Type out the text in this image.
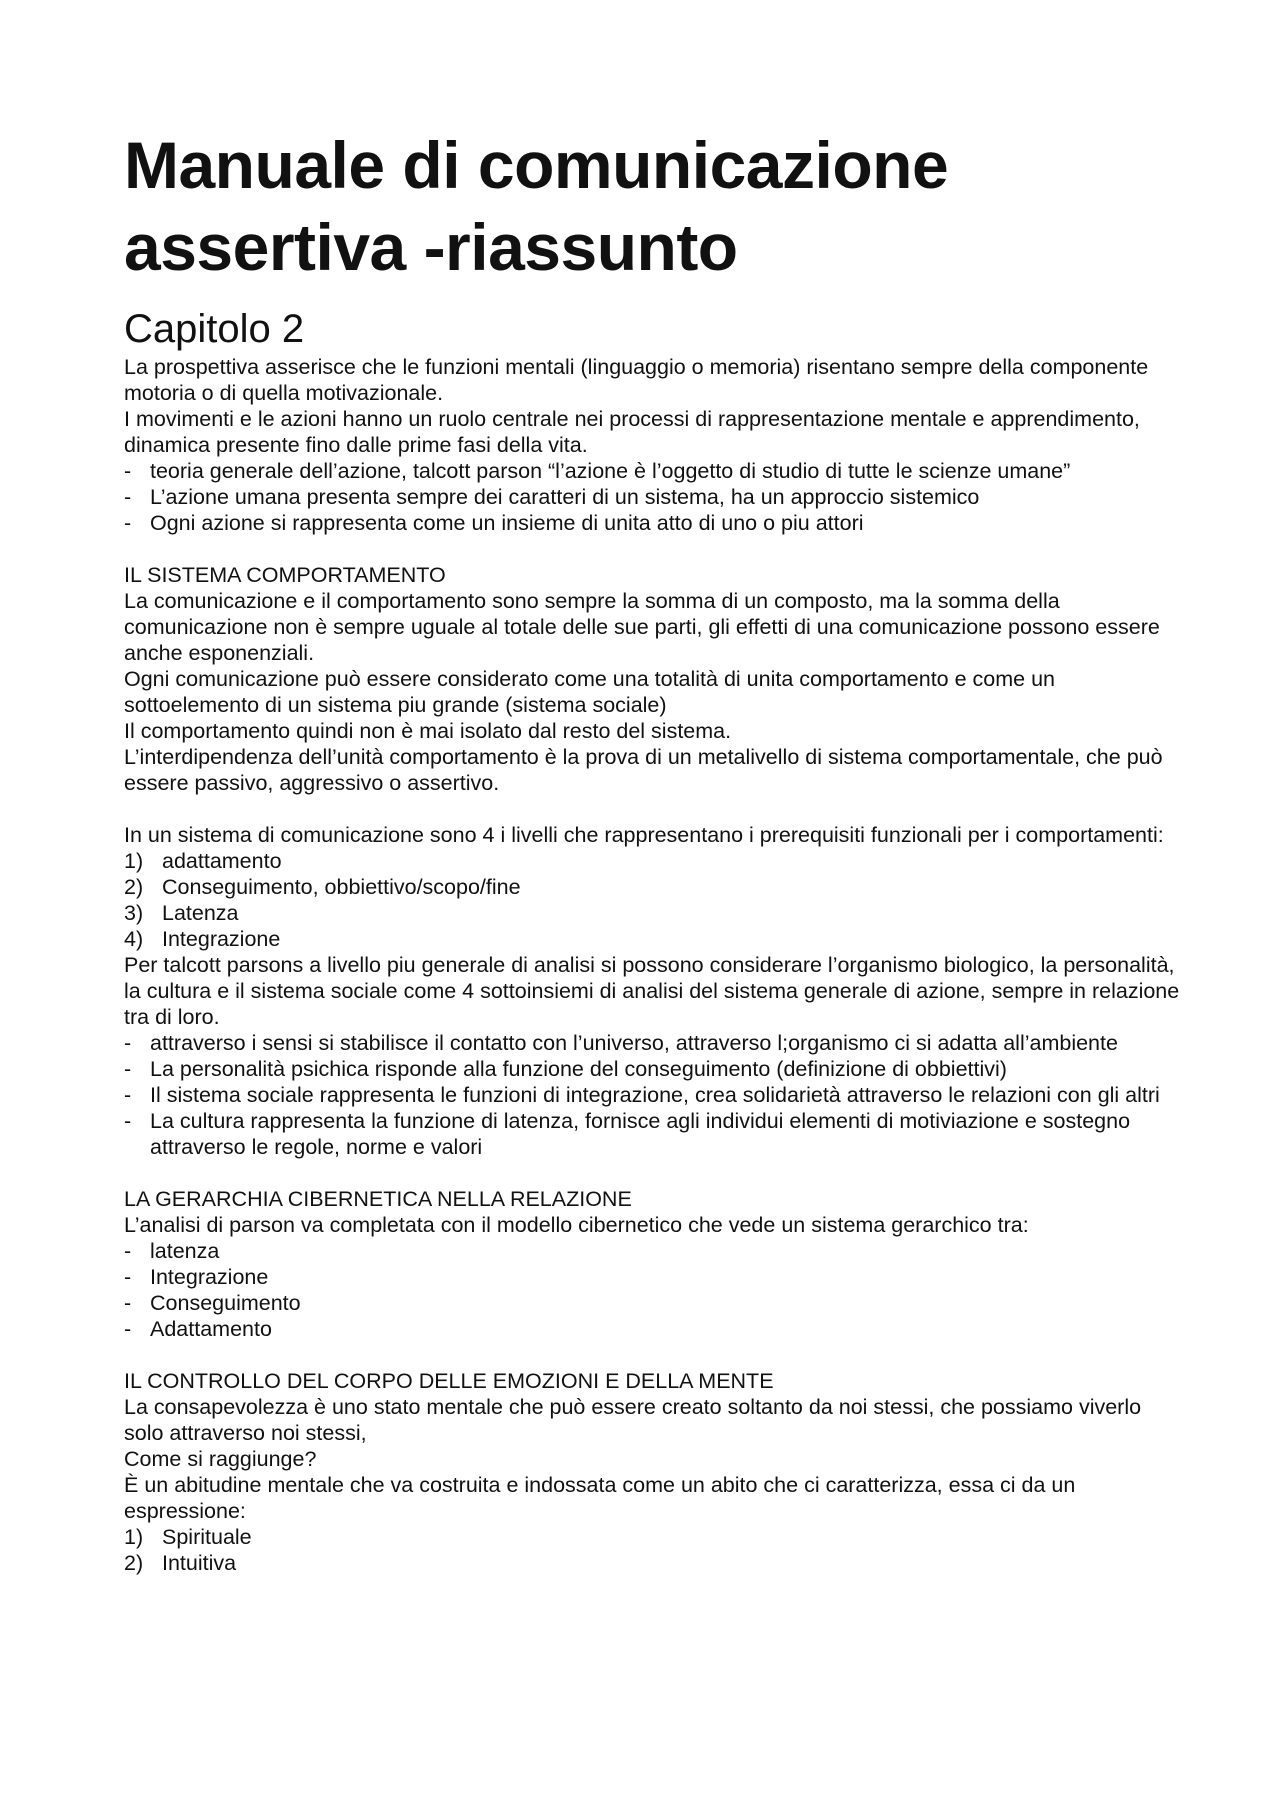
Manuale di comunicazione assertiva -riassunto
Capitolo 2

La prospettiva asserisce che le funzioni mentali (linguaggio o memoria) risentano sempre della componente motoria o di quella motivazionale.

I movimenti e le azioni hanno un ruolo centrale nei processi di rappresentazione mentale e apprendimento, dinamica presente fino dalle prime fasi della vita.

- teoria generale dell’azione, talcott parson “l’azione è l’oggetto di studio di tutte le scienze umane”
- L’azione umana presenta sempre dei caratteri di un sistema, ha un approccio sistemico
- Ogni azione si rappresenta come un insieme di unita atto di uno o piu attori

IL SISTEMA COMPORTAMENTO

La comunicazione e il comportamento sono sempre la somma di un composto, ma la somma della comunicazione non è sempre uguale al totale delle sue parti, gli effetti di una comunicazione possono essere anche esponenziali.

Ogni comunicazione può essere considerato come una totalità di unita comportamento e come un sottoelemento di un sistema piu grande (sistema sociale)

Il comportamento quindi non è mai isolato dal resto del sistema.

L’interdipendenza dell’unità comportamento è la prova di un metalivello di sistema comportamentale, che può essere passivo, aggressivo o assertivo.

In un sistema di comunicazione sono 4 i livelli che rappresentano i prerequisiti funzionali per i comportamenti:

1) adattamento
2) Conseguimento, obbiettivo/scopo/fine
3) Latenza
4) Integrazione

Per talcott parsons a livello piu generale di analisi si possono considerare l’organismo biologico, la personalità, la cultura e il sistema sociale come 4 sottoinsiemi di analisi del sistema generale di azione, sempre in relazione tra di loro.

- attraverso i sensi si stabilisce il contatto con l’universo, attraverso l;organismo ci si adatta all’ambiente
- La personalità psichica risponde alla funzione del conseguimento (definizione di obbiettivi)
- Il sistema sociale rappresenta le funzioni di integrazione, crea solidarietà attraverso le relazioni con gli altri
- La cultura rappresenta la funzione di latenza, fornisce agli individui elementi di motiviazione e sostegno attraverso le regole, norme e valori

LA GERARCHIA CIBERNETICA NELLA RELAZIONE

L’analisi di parson va completata con il modello cibernetico che vede un sistema gerarchico tra:

- latenza
- Integrazione
- Conseguimento
- Adattamento

IL CONTROLLO DEL CORPO DELLE EMOZIONI E DELLA MENTE

La consapevolezza è uno stato mentale che può essere creato soltanto da noi stessi, che possiamo viverlo solo attraverso noi stessi,

Come si raggiunge?

È un abitudine mentale che va costruita e indossata come un abito che ci caratterizza, essa ci da un espressione:

1) Spirituale
2) Intuitiva
